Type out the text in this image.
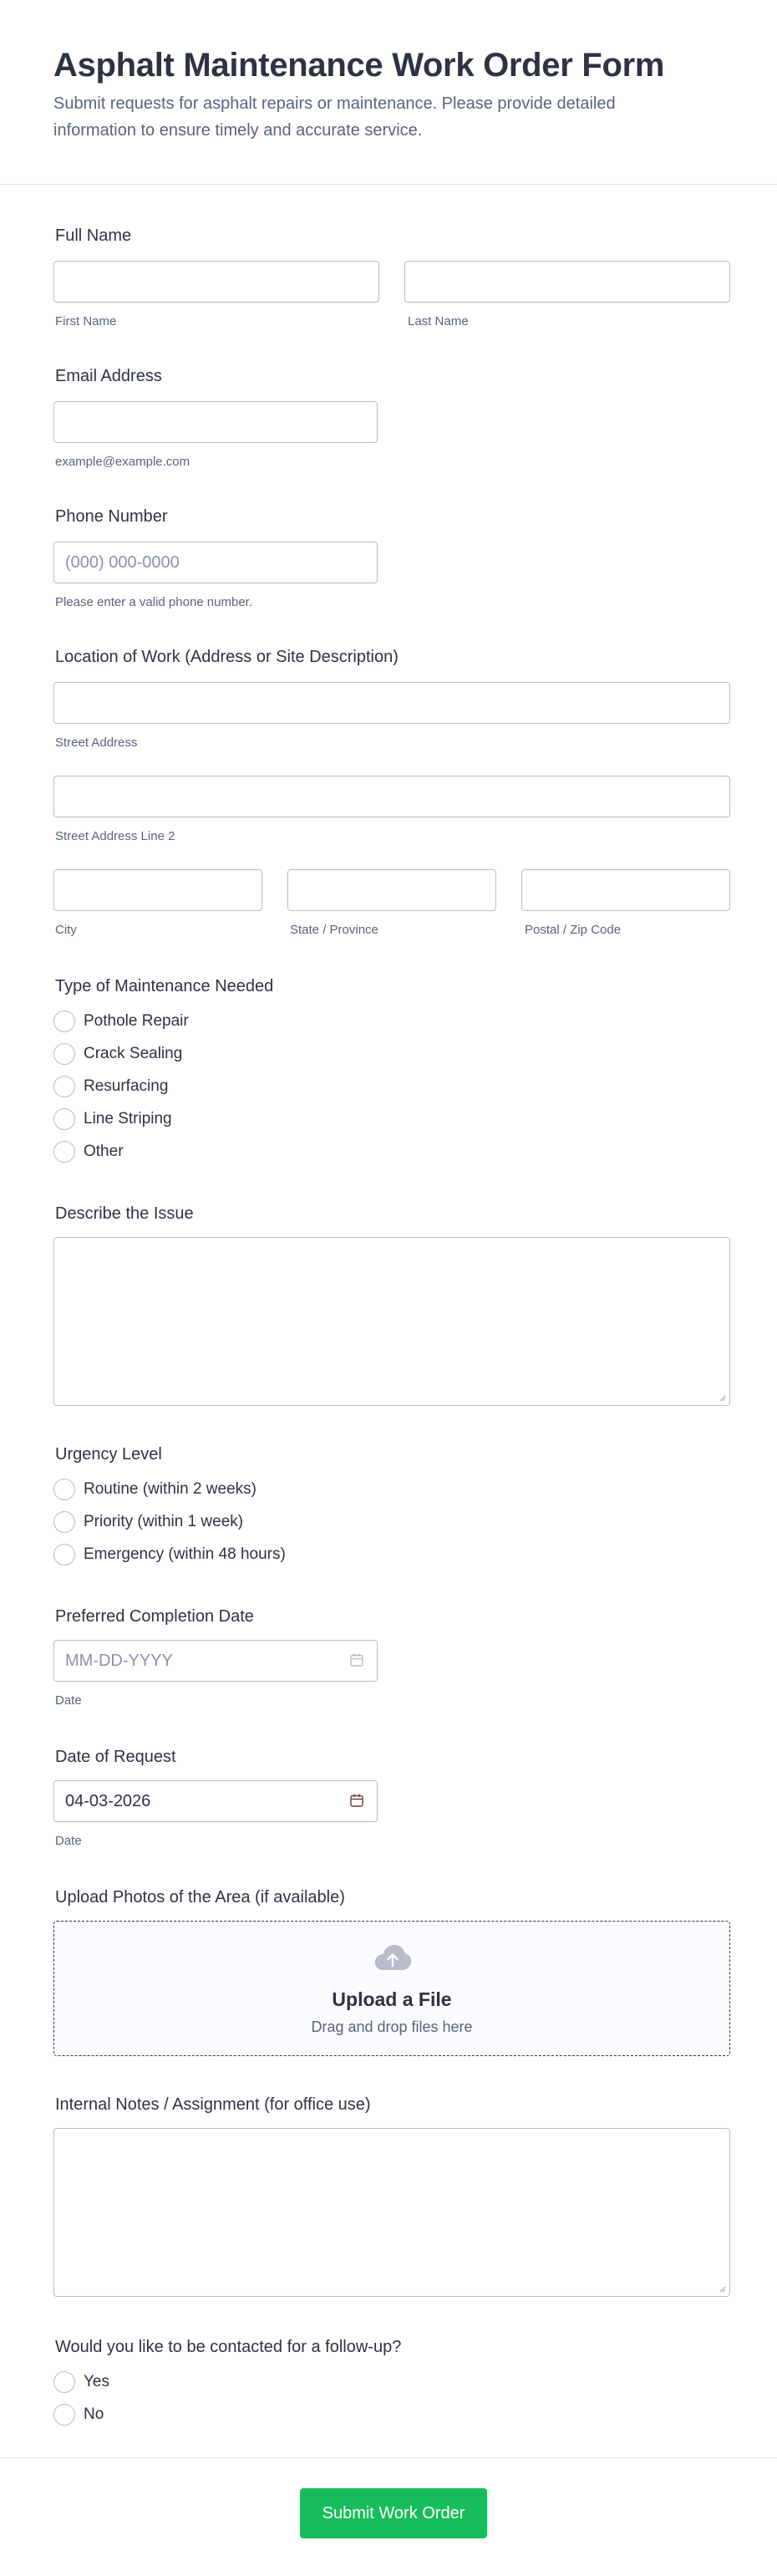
Asphalt Maintenance Work Order Form

Submit requests for asphalt repairs or maintenance. Please provide detailed information to ensure timely and accurate service.

Full Name
First Name	Last Name
Email Address
example@example.com
Phone Number
(000) 000-0000
Please enter a valid phone number.
Location of Work (Address or Site Description)
Street Address
Street Address Line 2
City	State / Province	Postal / Zip Code
Type of Maintenance Needed
Pothole Repair
Crack Sealing
Resurfacing
Line Striping
Other
Describe the Issue
Urgency Level
Routine (within 2 weeks)
Priority (within 1 week)
Emergency (within 48 hours)
Preferred Completion Date
MM-DD-YYYY
Date
Date of Request
04-03-2026
Date
Upload Photos of the Area (if available)
Upload a File
Drag and drop files here
Internal Notes / Assignment (for office use)
Would you like to be contacted for a follow-up?
Yes
No
Submit Work Order
